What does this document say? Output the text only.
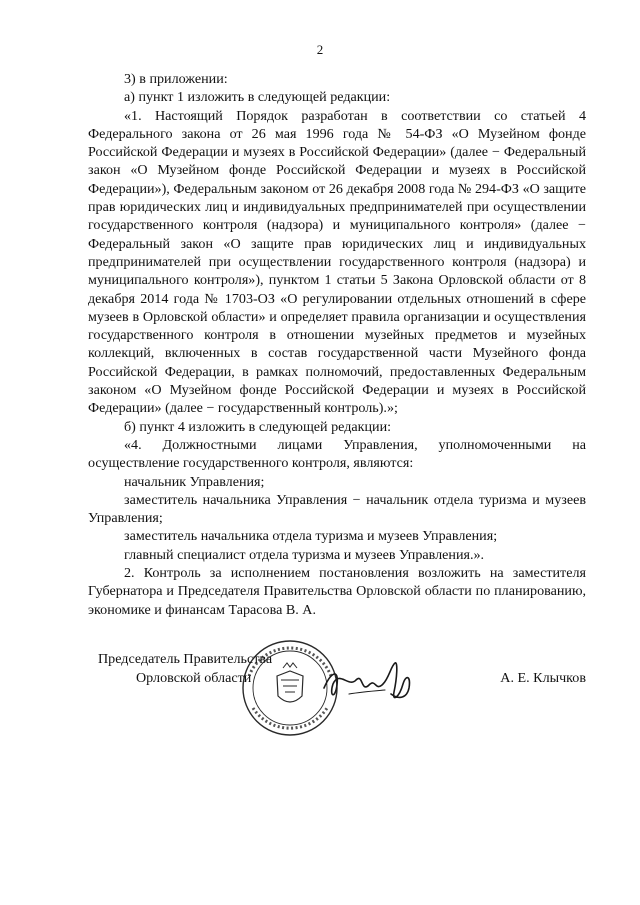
2

3) в приложении:

а) пункт 1 изложить в следующей редакции:

«1. Настоящий Порядок разработан в соответствии со статьей 4 Федерального закона от 26 мая 1996 года № 54-ФЗ «О Музейном фонде Российской Федерации и музеях в Российской Федерации» (далее − Федеральный закон «О Музейном фонде Российской Федерации и музеях в Российской Федерации»), Федеральным законом от 26 декабря 2008 года № 294-ФЗ «О защите прав юридических лиц и индивидуальных предпринимателей при осуществлении государственного контроля (надзора) и муниципального контроля» (далее − Федеральный закон «О защите прав юридических лиц и индивидуальных предпринимателей при осуществлении государственного контроля (надзора) и муниципального контроля»), пунктом 1 статьи 5 Закона Орловской области от 8 декабря 2014 года № 1703-ОЗ «О регулировании отдельных отношений в сфере музеев в Орловской области» и определяет правила организации и осуществления государственного контроля в отношении музейных предметов и музейных коллекций, включенных в состав государственной части Музейного фонда Российской Федерации, в рамках полномочий, предоставленных Федеральным законом «О Музейном фонде Российской Федерации и музеях в Российской Федерации» (далее − государственный контроль).»;

б) пункт 4 изложить в следующей редакции:

«4. Должностными лицами Управления, уполномоченными на осуществление государственного контроля, являются:

начальник Управления;

заместитель начальника Управления − начальник отдела туризма и музеев Управления;

заместитель начальника отдела туризма и музеев Управления;

главный специалист отдела туризма и музеев Управления.».

2. Контроль за исполнением постановления возложить на заместителя Губернатора и Председателя Правительства Орловской области по планированию, экономике и финансам Тарасова В. А.

Председатель Правительства
Орловской области	А. Е. Клычков
